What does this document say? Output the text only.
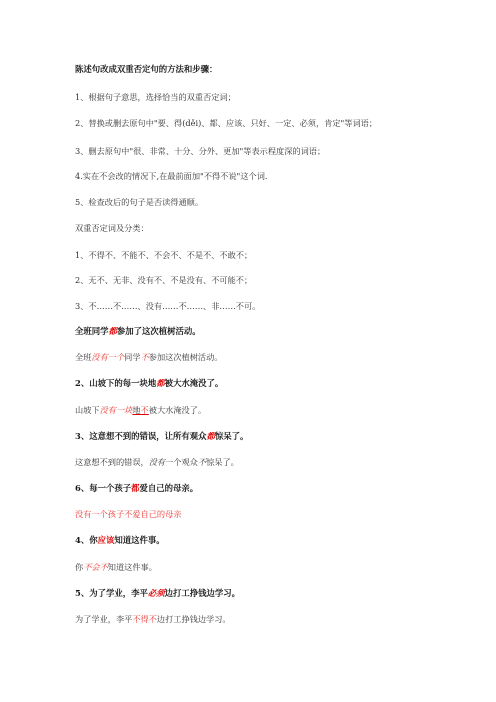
陈述句改成双重否定句的方法和步骤：
1、根据句子意思，选择恰当的双重否定词；
2、替换或删去原句中"要、得(děi)、都、应该、只好、一定、必须，肯定"等词语；
3、删去原句中"很、非常、十分、分外、更加"等表示程度深的词语；
4.实在不会改的情况下,在最前面加"不得不说"这个词.
5、检查改后的句子是否读得通顺。
双重否定词及分类：
1、不得不、不能不、不会不、不是不、不敢不；
2、无不、无非、没有不、不是没有、不可能不；
3、不……不……、没有……不……、非……不可。
全班同学都参加了这次植树活动。
全班没有一个同学不参加这次植树活动。
2、山坡下的每一块地都被大水淹没了。
山坡下没有一块地不被大水淹没了。
3、这意想不到的错误，让所有观众都惊呆了。
这意想不到的错误，没有一个观众不惊呆了。
6、每一个孩子都爱自己的母亲。
没有一个孩子不爱自己的母亲
4、你应该知道这件事。
你不会不知道这件事。
5、为了学业，李平必须边打工挣钱边学习。
为了学业，李平不得不边打工挣钱边学习。
